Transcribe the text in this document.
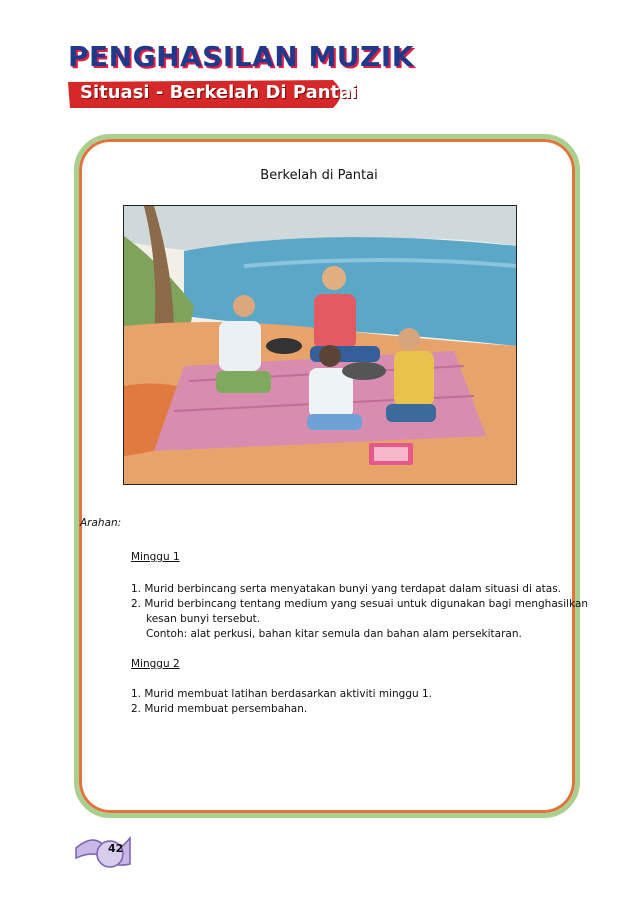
PENGHASILAN MUZIK
Situasi - Berkelah Di Pantai
Berkelah di Pantai
Arahan:
Minggu 1
1. Murid berbincang serta menyatakan bunyi yang terdapat dalam situasi di atas.
2. Murid berbincang tentang medium yang sesuai untuk digunakan bagi menghasilkan
kesan bunyi tersebut.
Contoh: alat perkusi, bahan kitar semula dan bahan alam persekitaran.
Minggu 2
1. Murid membuat latihan berdasarkan aktiviti minggu 1.
2. Murid membuat persembahan.
42
